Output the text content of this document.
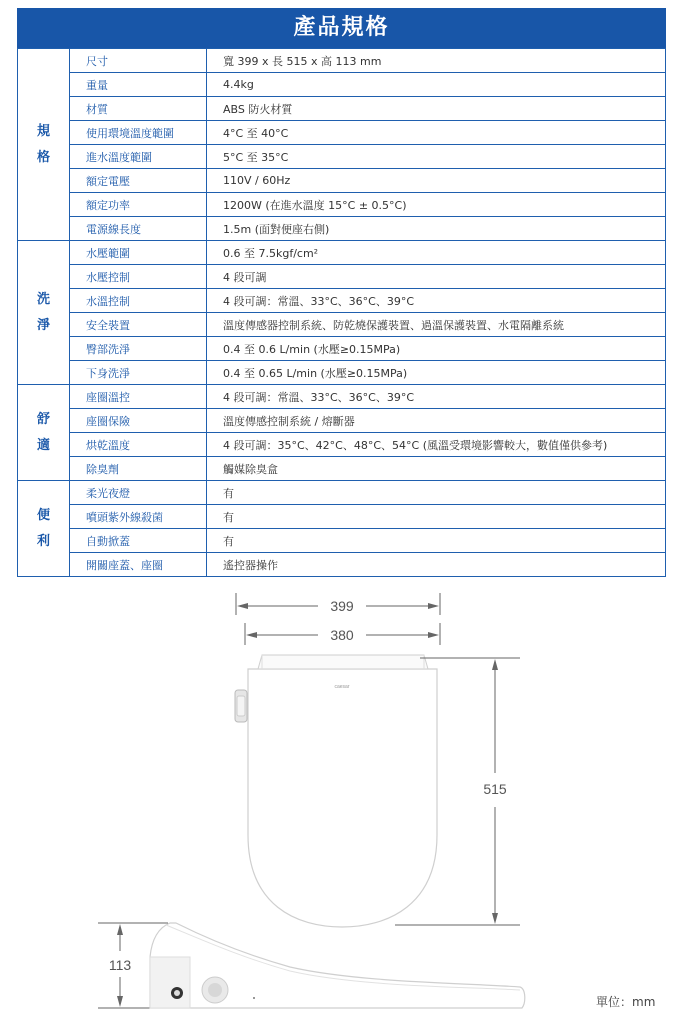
產品規格
規
格	尺寸	寬 399 x 長 515 x 高 113 mm
	重量	4.4kg
	材質	ABS 防火材質
	使用環境溫度範圍	4°C 至 40°C
	進水溫度範圍	5°C 至 35°C
	額定電壓	110V / 60Hz
	額定功率	1200W (在進水溫度 15°C ± 0.5°C)
	電源線長度	1.5m (面對便座右側)

洗
淨	水壓範圍	0.6 至 7.5kgf/cm²
	水壓控制	4 段可調
	水溫控制	4 段可調：常溫、33°C、36°C、39°C
	安全裝置	溫度傳感器控制系統、防乾燒保護裝置、過溫保護裝置、水電隔離系統
	臀部洗淨	0.4 至 0.6 L/min (水壓≥0.15MPa)
	下身洗淨	0.4 至 0.65 L/min (水壓≥0.15MPa)

舒
適	座圈溫控	4 段可調：常溫、33°C、36°C、39°C
	座圈保險	溫度傳感控制系統 / 熔斷器
	烘乾溫度	4 段可調：35°C、42°C、48°C、54°C (風溫受環境影響較大，數值僅供參考)
	除臭劑	觸媒除臭盒

便
利	柔光夜燈	有
	噴頭紫外線殺菌	有
	自動掀蓋	有
	開關座蓋、座圈	遙控器操作
399
380
caesar
515
113
單位：mm
